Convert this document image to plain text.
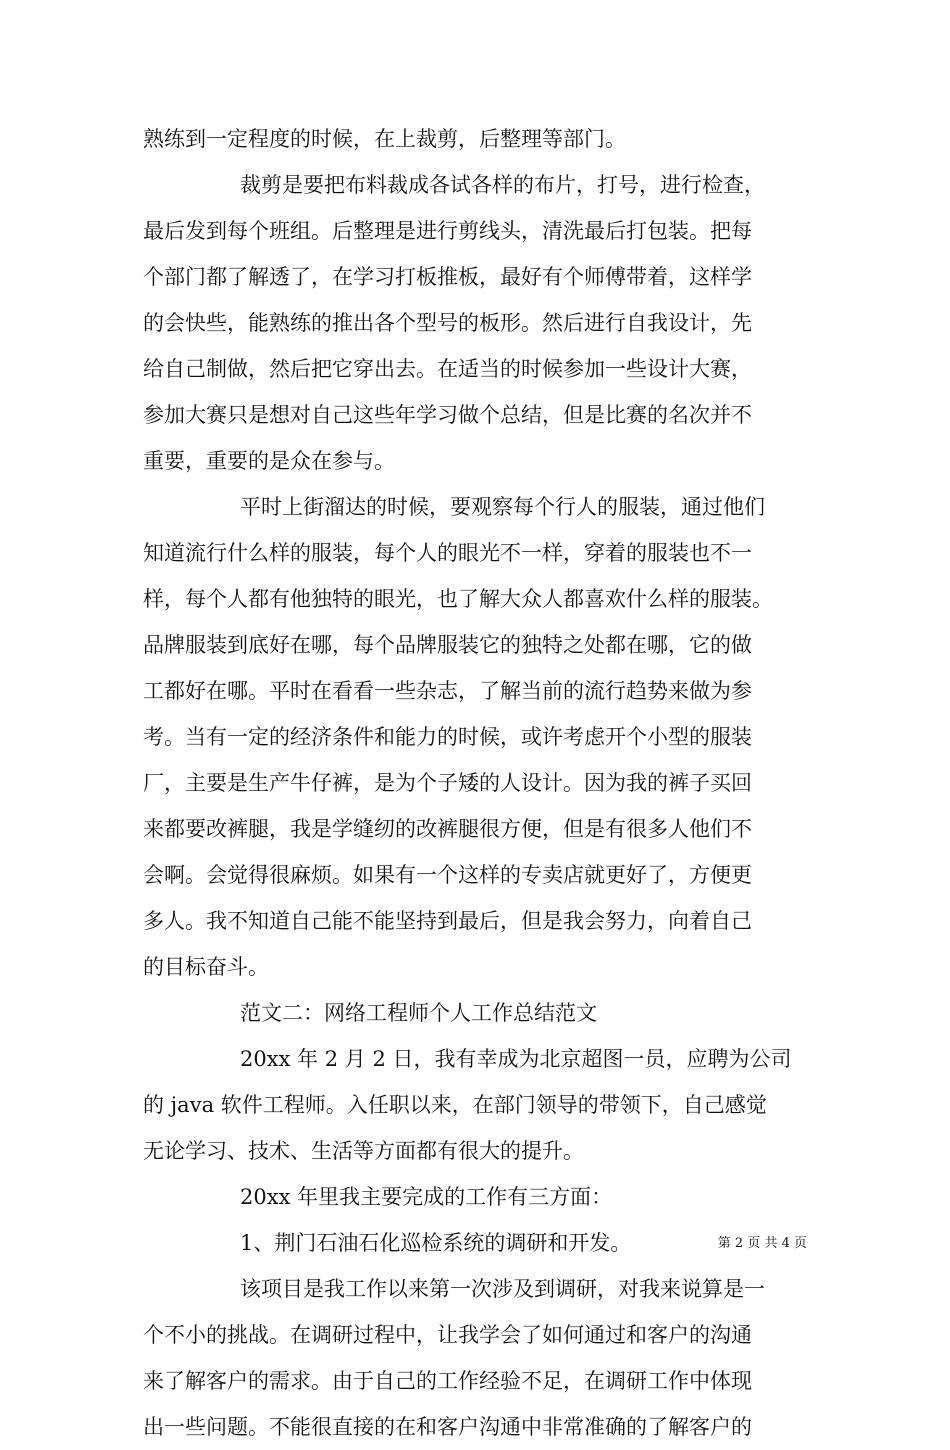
熟练到一定程度的时候，在上裁剪，后整理等部门。
裁剪是要把布料裁成各试各样的布片，打号，进行检查，
最后发到每个班组。后整理是进行剪线头，清洗最后打包装。把每
个部门都了解透了，在学习打板推板，最好有个师傅带着，这样学
的会快些，能熟练的推出各个型号的板形。然后进行自我设计，先
给自己制做，然后把它穿出去。在适当的时候参加一些设计大赛，
参加大赛只是想对自己这些年学习做个总结，但是比赛的名次并不
重要，重要的是众在参与。
平时上街溜达的时候，要观察每个行人的服装，通过他们
知道流行什么样的服装，每个人的眼光不一样，穿着的服装也不一
样，每个人都有他独特的眼光，也了解大众人都喜欢什么样的服装。
品牌服装到底好在哪，每个品牌服装它的独特之处都在哪，它的做
工都好在哪。平时在看看一些杂志，了解当前的流行趋势来做为参
考。当有一定的经济条件和能力的时候，或许考虑开个小型的服装
厂，主要是生产牛仔裤，是为个子矮的人设计。因为我的裤子买回
来都要改裤腿，我是学缝纫的改裤腿很方便，但是有很多人他们不
会啊。会觉得很麻烦。如果有一个这样的专卖店就更好了，方便更
多人。我不知道自己能不能坚持到最后，但是我会努力，向着自己
的目标奋斗。
范文二：网络工程师个人工作总结范文
20xx 年 2 月 2 日，我有幸成为北京超图一员，应聘为公司
的 java 软件工程师。入任职以来，在部门领导的带领下，自己感觉
无论学习、技术、生活等方面都有很大的提升。
20xx 年里我主要完成的工作有三方面：
1、荆门石油石化巡检系统的调研和开发。
该项目是我工作以来第一次涉及到调研，对我来说算是一
个不小的挑战。在调研过程中，让我学会了如何通过和客户的沟通
来了解客户的需求。由于自己的工作经验不足，在调研工作中体现
出一些问题。不能很直接的在和客户沟通中非常准确的了解客户的
第 2 页 共 4 页
